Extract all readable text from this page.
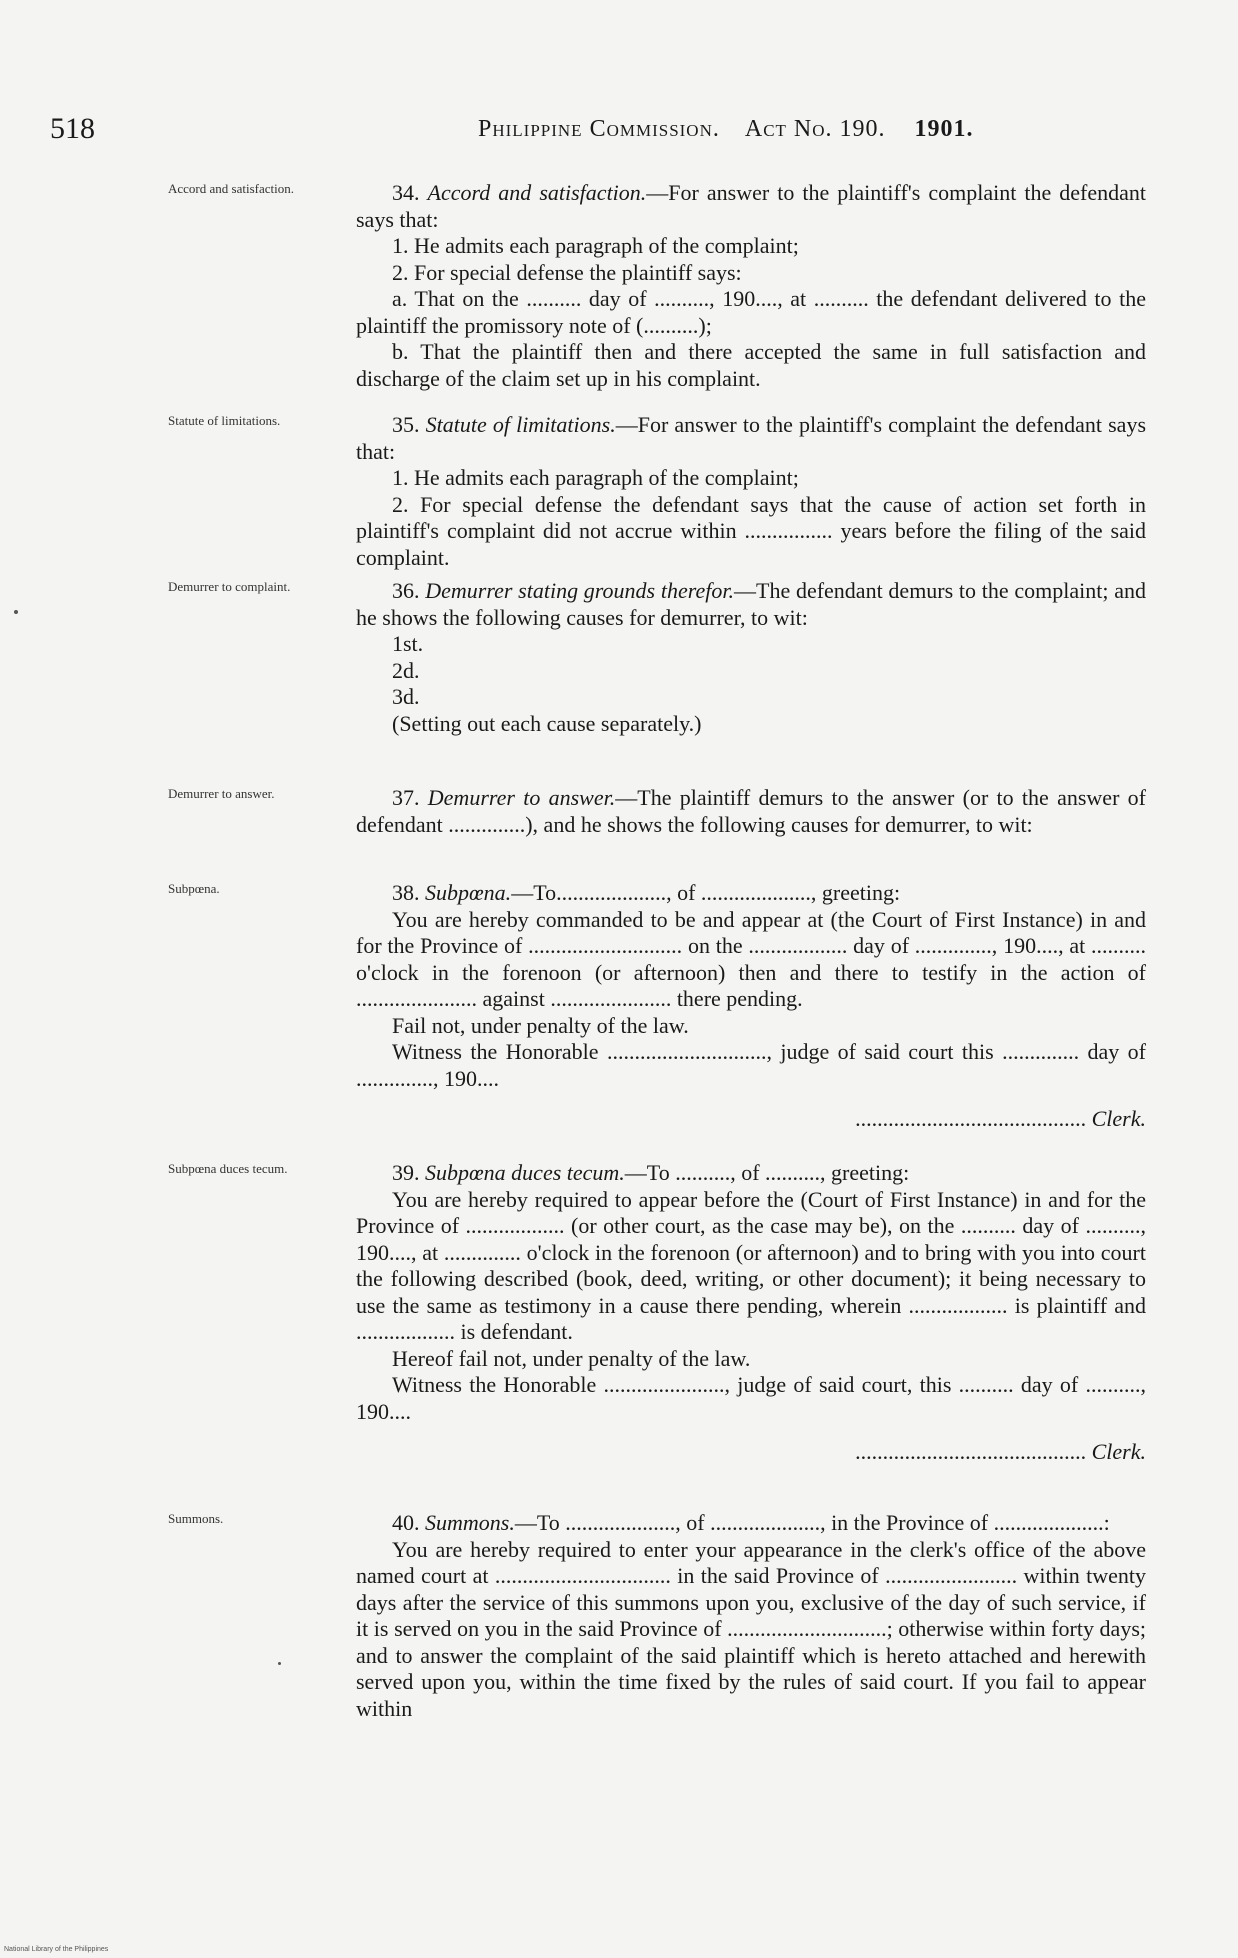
518	Philippine Commission. Act No. 190. 1901.
Accord and satisfaction.	34. Accord and satisfaction.—For answer to the plaintiff's complaint the defendant says that:

1. He admits each paragraph of the complaint;

2. For special defense the plaintiff says:

a. That on the .......... day of .........., 190...., at .......... the defendant delivered to the plaintiff the promissory note of (..........);

b. That the plaintiff then and there accepted the same in full satisfaction and discharge of the claim set up in his complaint.

Statute of limitations.	35. Statute of limitations.—For answer to the plaintiff's complaint the defendant says that:

1. He admits each paragraph of the complaint;

2. For special defense the defendant says that the cause of action set forth in plaintiff's complaint did not accrue within ................ years before the filing of the said complaint.

Demurrer to complaint.	36. Demurrer stating grounds therefor.—The defendant demurs to the complaint; and he shows the following causes for demurrer, to wit:

1st.

2d.

3d.

(Setting out each cause separately.)

Demurrer to answer.	37. Demurrer to answer.—The plaintiff demurs to the answer (or to the answer of defendant ..............), and he shows the following causes for demurrer, to wit:

Subpœna.	38. Subpœna.—To...................., of ...................., greeting:

You are hereby commanded to be and appear at (the Court of First Instance) in and for the Province of ............................ on the .................. day of .............., 190...., at .......... o'clock in the forenoon (or afternoon) then and there to testify in the action of ...................... against ...................... there pending.

Fail not, under penalty of the law.

Witness the Honorable ............................., judge of said court this .............. day of .............., 190....

.......................................... Clerk.

Subpœna duces tecum.	39. Subpœna duces tecum.—To .........., of .........., greeting:

You are hereby required to appear before the (Court of First Instance) in and for the Province of .................. (or other court, as the case may be), on the .......... day of .........., 190...., at .............. o'clock in the forenoon (or afternoon) and to bring with you into court the following described (book, deed, writing, or other document); it being necessary to use the same as testimony in a cause there pending, wherein .................. is plaintiff and .................. is defendant.

Hereof fail not, under penalty of the law.

Witness the Honorable ......................, judge of said court, this .......... day of .........., 190....

.......................................... Clerk.

Summons.	40. Summons.—To ...................., of ...................., in the Province of ....................:

You are hereby required to enter your appearance in the clerk's office of the above named court at ................................ in the said Province of ........................ within twenty days after the service of this summons upon you, exclusive of the day of such service, if it is served on you in the said Province of .............................; otherwise within forty days; and to answer the complaint of the said plaintiff which is hereto attached and herewith served upon you, within the time fixed by the rules of said court. If you fail to appear within

National Library of the Philippines
